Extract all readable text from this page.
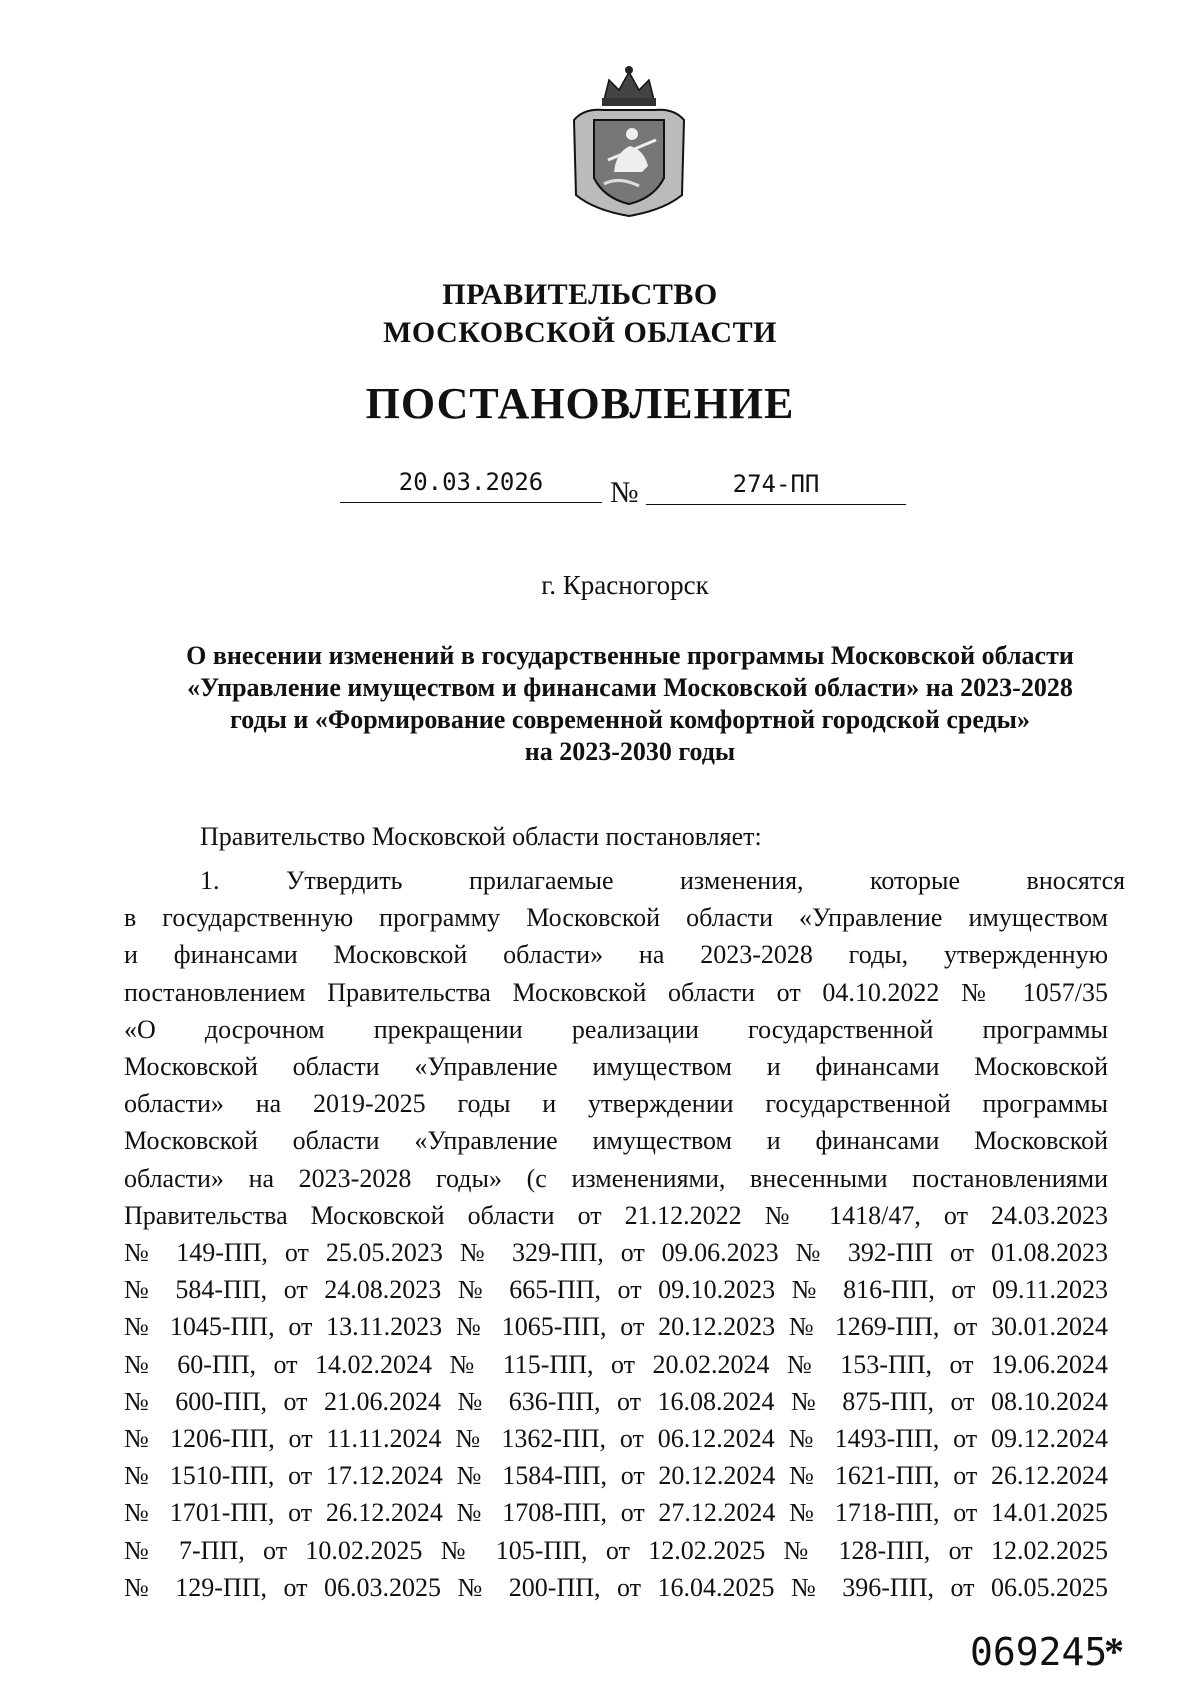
ПРАВИТЕЛЬСТВО
МОСКОВСКОЙ ОБЛАСТИ
ПОСТАНОВЛЕНИЕ
20.03.2026	№	274-ПП
г. Красногорск
О внесении изменений в государственные программы Московской области
«Управление имуществом и финансами Московской области» на 2023-2028
годы и «Формирование современной комфортной городской среды»
на 2023-2030 годы
Правительство Московской области постановляет:
1. Утвердить прилагаемые изменения, которые вносятся
в государственную программу Московской области «Управление имуществом
и финансами Московской области» на 2023-2028 годы, утвержденную
постановлением Правительства Московской области от 04.10.2022 № 1057/35
«О досрочном прекращении реализации государственной программы
Московской области «Управление имуществом и финансами Московской
области» на 2019-2025 годы и утверждении государственной программы
Московской области «Управление имуществом и финансами Московской
области» на 2023-2028 годы» (с изменениями, внесенными постановлениями
Правительства Московской области от 21.12.2022 № 1418/47, от 24.03.2023
№ 149-ПП, от 25.05.2023 № 329-ПП, от 09.06.2023 № 392-ПП от 01.08.2023
№ 584-ПП, от 24.08.2023 № 665-ПП, от 09.10.2023 № 816-ПП, от 09.11.2023
№ 1045-ПП, от 13.11.2023 № 1065-ПП, от 20.12.2023 № 1269-ПП, от 30.01.2024
№ 60-ПП, от 14.02.2024 № 115-ПП, от 20.02.2024 № 153-ПП, от 19.06.2024
№ 600-ПП, от 21.06.2024 № 636-ПП, от 16.08.2024 № 875-ПП, от 08.10.2024
№ 1206-ПП, от 11.11.2024 № 1362-ПП, от 06.12.2024 № 1493-ПП, от 09.12.2024
№ 1510-ПП, от 17.12.2024 № 1584-ПП, от 20.12.2024 № 1621-ПП, от 26.12.2024
№ 1701-ПП, от 26.12.2024 № 1708-ПП, от 27.12.2024 № 1718-ПП, от 14.01.2025
№ 7-ПП, от 10.02.2025 № 105-ПП, от 12.02.2025 № 128-ПП, от 12.02.2025
№ 129-ПП, от 06.03.2025 № 200-ПП, от 16.04.2025 № 396-ПП, от 06.05.2025
069245
*
